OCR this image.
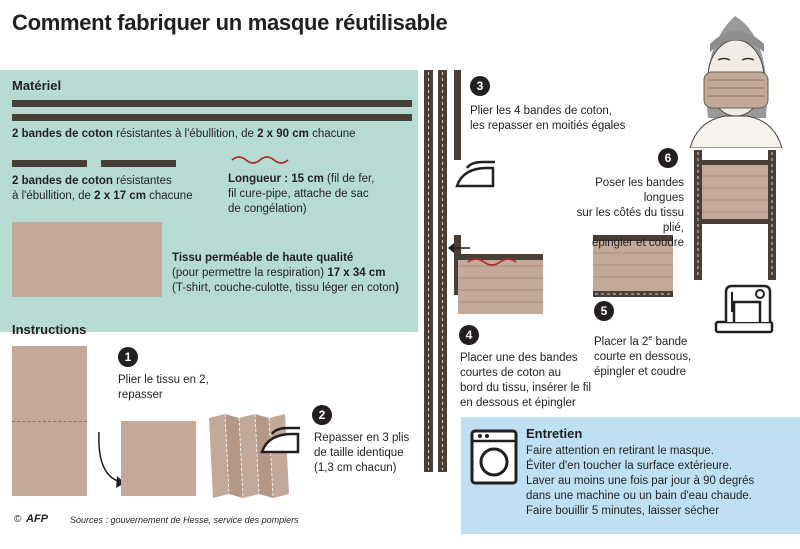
Comment fabriquer un masque réutilisable
Matériel
2 bandes de coton résistantes à l'ébullition, de 2 x 90 cm chacune
2 bandes de coton résistantes
à l'ébullition, de 2 x 17 cm chacune
Longueur : 15 cm (fil de fer,
fil cure-pipe, attache de sac
de congélation)
Tissu perméable de haute qualité
(pour permettre la respiration) 17 x 34 cm
(T-shirt, couche-culotte, tissu léger en coton)
Instructions
1
Plier le tissu en 2,
repasser
2
Repasser en 3 plis
de taille identique
(1,3 cm chacun)
3
Plier les 4 bandes de coton,
les repasser en moitiés égales
4
Placer une des bandes
courtes de coton au
bord du tissu, insérer le fil
en dessous et épingler
5
Placer la 2e bande
courte en dessous,
épingler et coudre
6
Poser les bandes longues
sur les côtés du tissu plié,
épingler et coudre
Entretien
Faire attention en retirant le masque.
Éviter d'en toucher la surface extérieure.
Laver au moins une fois par jour à 90 degrés
dans une machine ou un bain d'eau chaude.
Faire bouillir 5 minutes, laisser sécher
© AFP Sources : gouvernement de Hesse, service des pompiers
